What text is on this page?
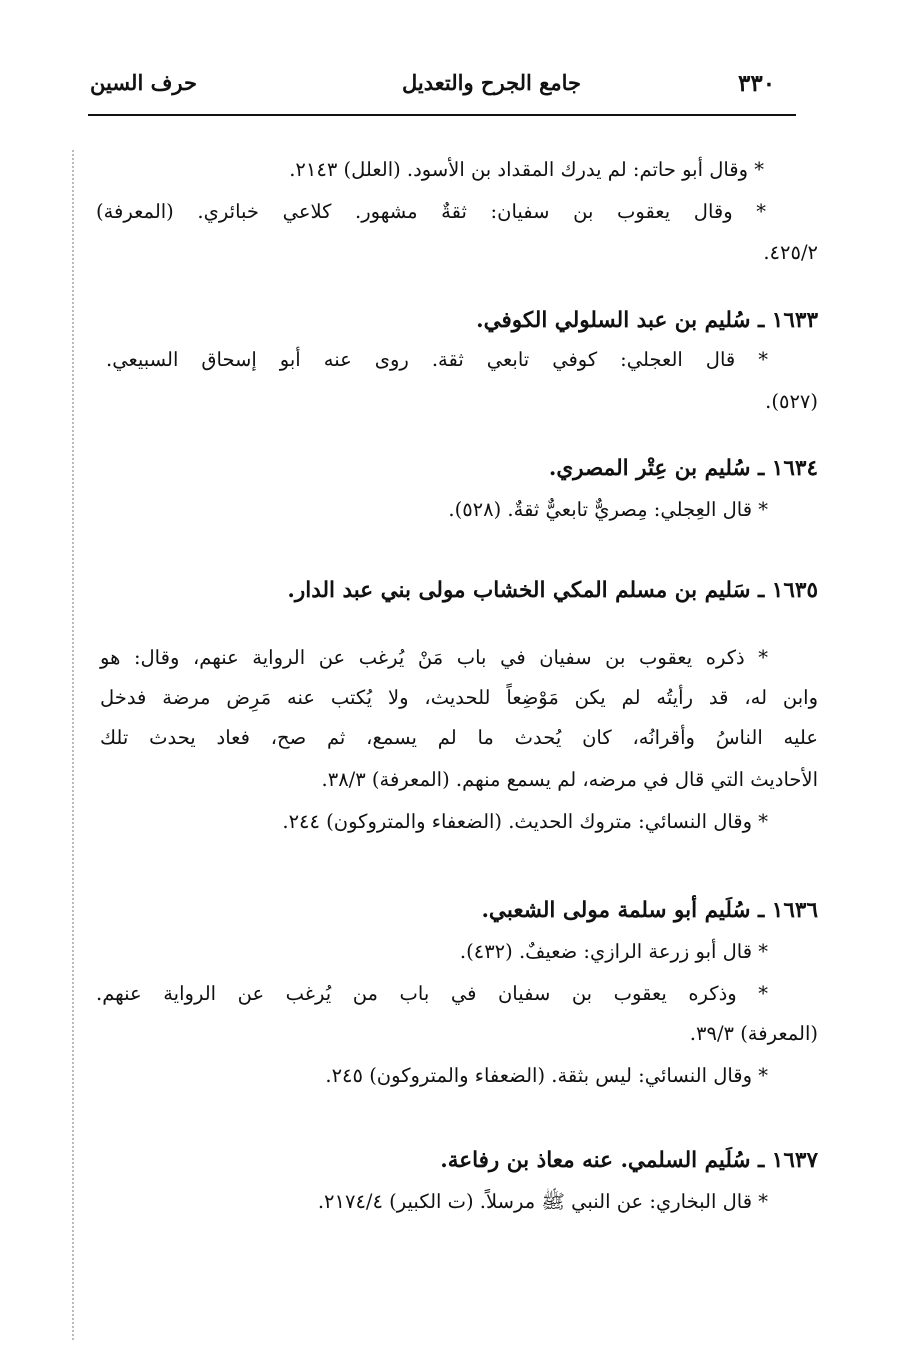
٣٣٠
جامع الجرح والتعديل
حرف السين
* وقال أبو حاتم: لم يدرك المقداد بن الأسود. (العلل) ٢١٤٣.
* وقال يعقوب بن سفيان: ثقةٌ مشهور. كلاعي خبائري. (المعرفة)
٤٢٥/٢.
١٦٣٣ ـ سُليم بن عبد السلولي الكوفي.
* قال العجلي: كوفي تابعي ثقة. روى عنه أبو إسحاق السبيعي.
(٥٢٧).
١٦٣٤ ـ سُليم بن عِتْر المصري.
* قال العِجلي: مِصريٌّ تابعيٌّ ثقةٌ. (٥٢٨).
١٦٣٥ ـ سَليم بن مسلم المكي الخشاب مولى بني عبد الدار.
* ذكره يعقوب بن سفيان في باب مَنْ يُرغب عن الرواية عنهم، وقال: هو
وابن له، قد رأيتُه لم يكن مَوْضِعاً للحديث، ولا يُكتب عنه مَرِض مرضة فدخل
عليه الناسُ وأقرانُه، كان يُحدث ما لم يسمع، ثم صح، فعاد يحدث تلك
الأحاديث التي قال في مرضه، لم يسمع منهم. (المعرفة) ٣٨/٣.
* وقال النسائي: متروك الحديث. (الضعفاء والمتروكون) ٢٤٤.
١٦٣٦ ـ سُلَيم أبو سلمة مولى الشعبي.
* قال أبو زرعة الرازي: ضعيفٌ. (٤٣٢).
* وذكره يعقوب بن سفيان في باب من يُرغب عن الرواية عنهم.
(المعرفة) ٣٩/٣.
* وقال النسائي: ليس بثقة. (الضعفاء والمتروكون) ٢٤٥.
١٦٣٧ ـ سُلَيم السلمي. عنه معاذ بن رفاعة.
* قال البخاري: عن النبي ﷺ مرسلاً. (ت الكبير) ٢١٧٤/٤.
